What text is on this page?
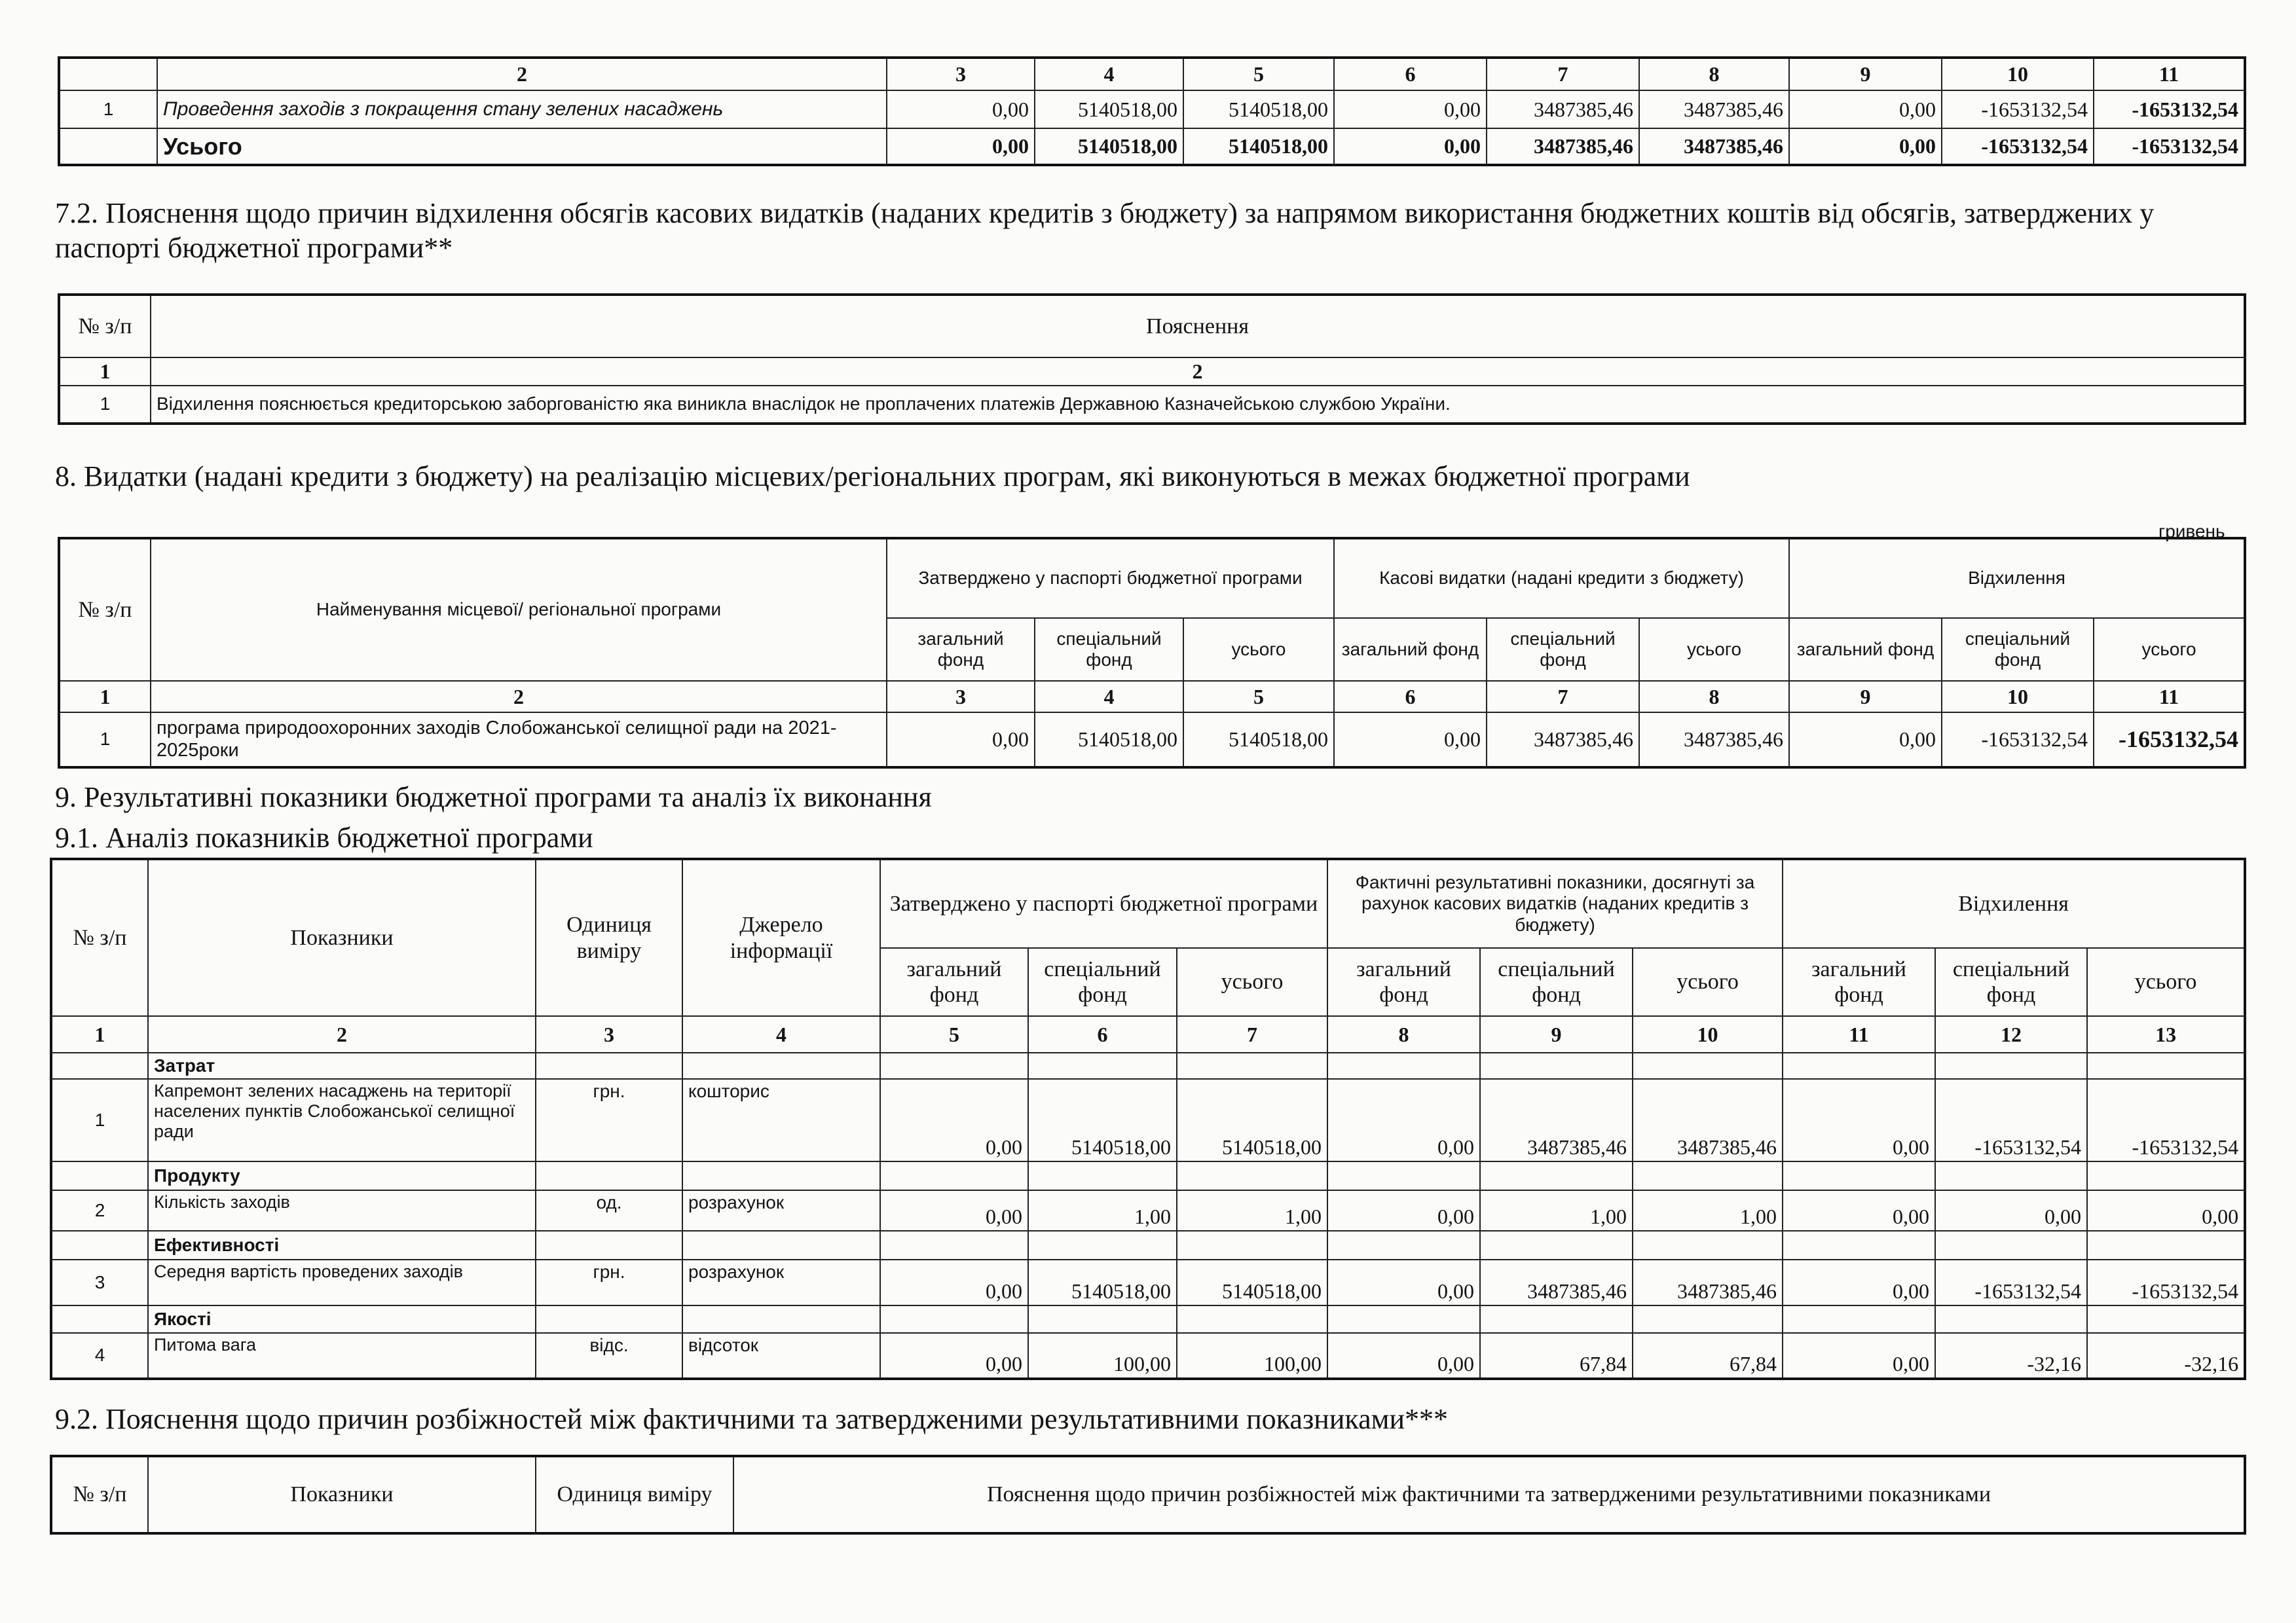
	2	3	4	5	6	7	8	9	10	11
1	Проведення заходів з покращення стану зелених насаджень	0,00	5140518,00	5140518,00	0,00	3487385,46	3487385,46	0,00	-1653132,54	-1653132,54
	Усього	0,00	5140518,00	5140518,00	0,00	3487385,46	3487385,46	0,00	-1653132,54	-1653132,54
7.2. Пояснення щодо причин відхилення обсягів касових видатків (наданих кредитів з бюджету) за напрямом використання бюджетних коштів від обсягів, затверджених у паспорті бюджетної програми**
№ з/п	Пояснення
1	2
1	Відхилення пояснюється кредиторською заборгованістю яка виникла внаслідок не проплачених платежів Державною Казначейською службою України.
8. Видатки (надані кредити з бюджету) на реалізацію місцевих/регіональних програм, які виконуються в межах бюджетної програми
гривень
№ з/п	Найменування місцевої/ регіональної програми	Затверджено у паспорті бюджетної програми			Касові видатки (надані кредити з бюджету)			Відхилення		
		загальний фонд	спеціальний фонд	усього	загальний фонд	спеціальний фонд	усього	загальний фонд	спеціальний фонд	усього
1	2	3	4	5	6	7	8	9	10	11
1	програма природоохоронних заходів Слобожанської селищної ради на 2021-2025роки	0,00	5140518,00	5140518,00	0,00	3487385,46	3487385,46	0,00	-1653132,54	-1653132,54
9. Результативні показники бюджетної програми та аналіз їх виконання
9.1. Аналіз показників бюджетної програми
№ з/п	Показники	Одиниця виміру	Джерело інформації	Затверджено у паспорті бюджетної програми			Фактичні результативні показники, досягнуті за рахунок касових видатків (наданих кредитів з бюджету)			Відхилення		
				загальний фонд	спеціальний фонд	усього	загальний фонд	спеціальний фонд	усього	загальний фонд	спеціальний фонд	усього
1	2	3	4	5	6	7	8	9	10	11	12	13
	Затрат											
1	Капремонт зелених насаджень на території населених пунктів Слобожанської селищної ради	грн.	кошторис	0,00	5140518,00	5140518,00	0,00	3487385,46	3487385,46	0,00	-1653132,54	-1653132,54
	Продукту											
2	Кількість заходів	од.	розрахунок	0,00	1,00	1,00	0,00	1,00	1,00	0,00	0,00	0,00
	Ефективності											
3	Середня вартість проведених заходів	грн.	розрахунок	0,00	5140518,00	5140518,00	0,00	3487385,46	3487385,46	0,00	-1653132,54	-1653132,54
	Якості											
4	Питома вага	відс.	відсоток	0,00	100,00	100,00	0,00	67,84	67,84	0,00	-32,16	-32,16
9.2. Пояснення щодо причин розбіжностей між фактичними та затвердженими результативними показниками***
№ з/п	Показники	Одиниця виміру	Пояснення щодо причин розбіжностей між фактичними та затвердженими результативними показниками
